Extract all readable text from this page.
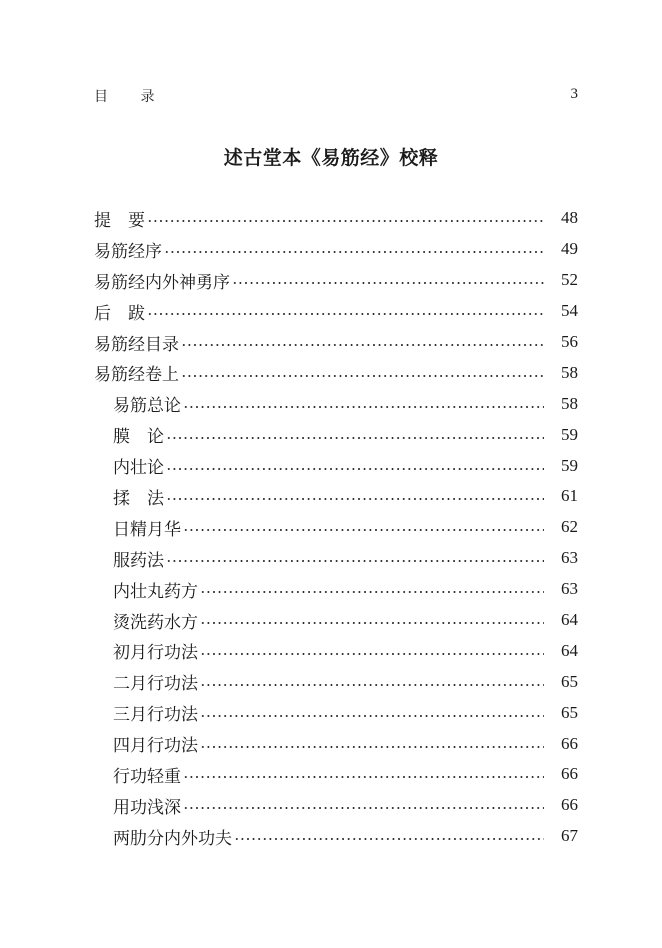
目 录	3
述古堂本《易筋经》校释
提　要	48
易筋经序	49
易筋经内外神勇序	52
后　跋	54
易筋经目录	56
易筋经卷上	58
易筋总论	58
膜　论	59
内壮论	59
揉　法	61
日精月华	62
服药法	63
内壮丸药方	63
烫洗药水方	64
初月行功法	64
二月行功法	65
三月行功法	65
四月行功法	66
行功轻重	66
用功浅深	66
两肋分内外功夫	67
